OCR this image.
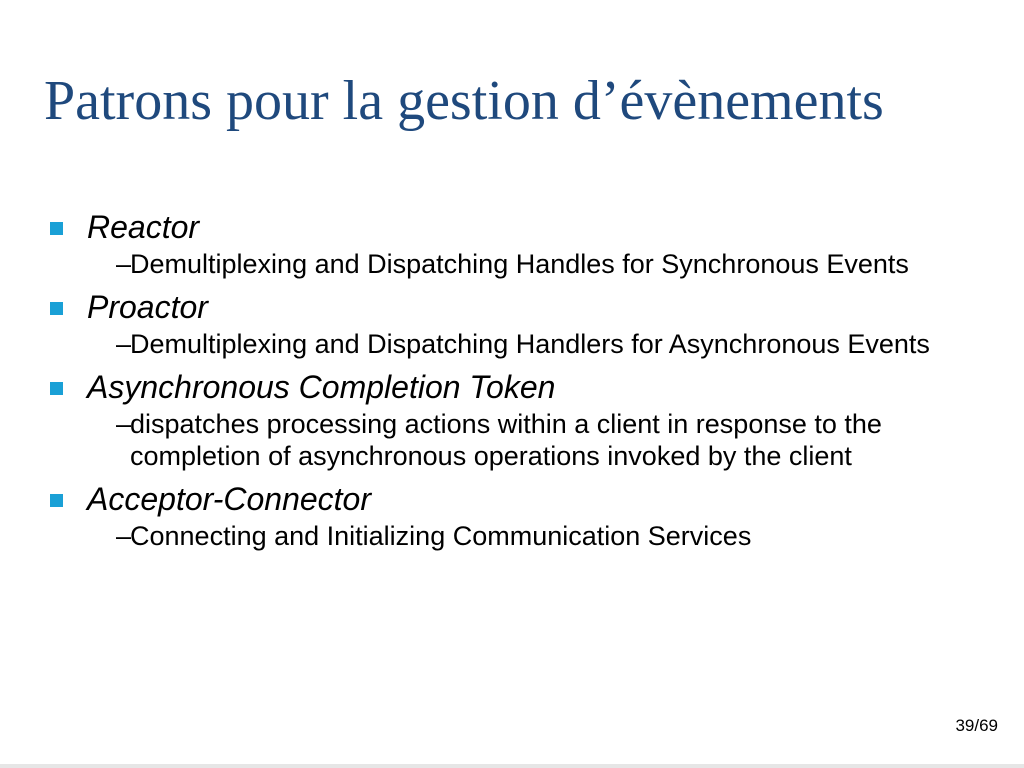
Patrons pour la gestion d’évènements
Reactor
–
Demultiplexing and Dispatching Handles for Synchronous Events
Proactor
–
Demultiplexing and Dispatching Handlers for Asynchronous Events
Asynchronous Completion Token
–
dispatches processing actions within a client in response to the completion of asynchronous operations invoked by the client
Acceptor-Connector
–
Connecting and Initializing Communication Services
39/69
